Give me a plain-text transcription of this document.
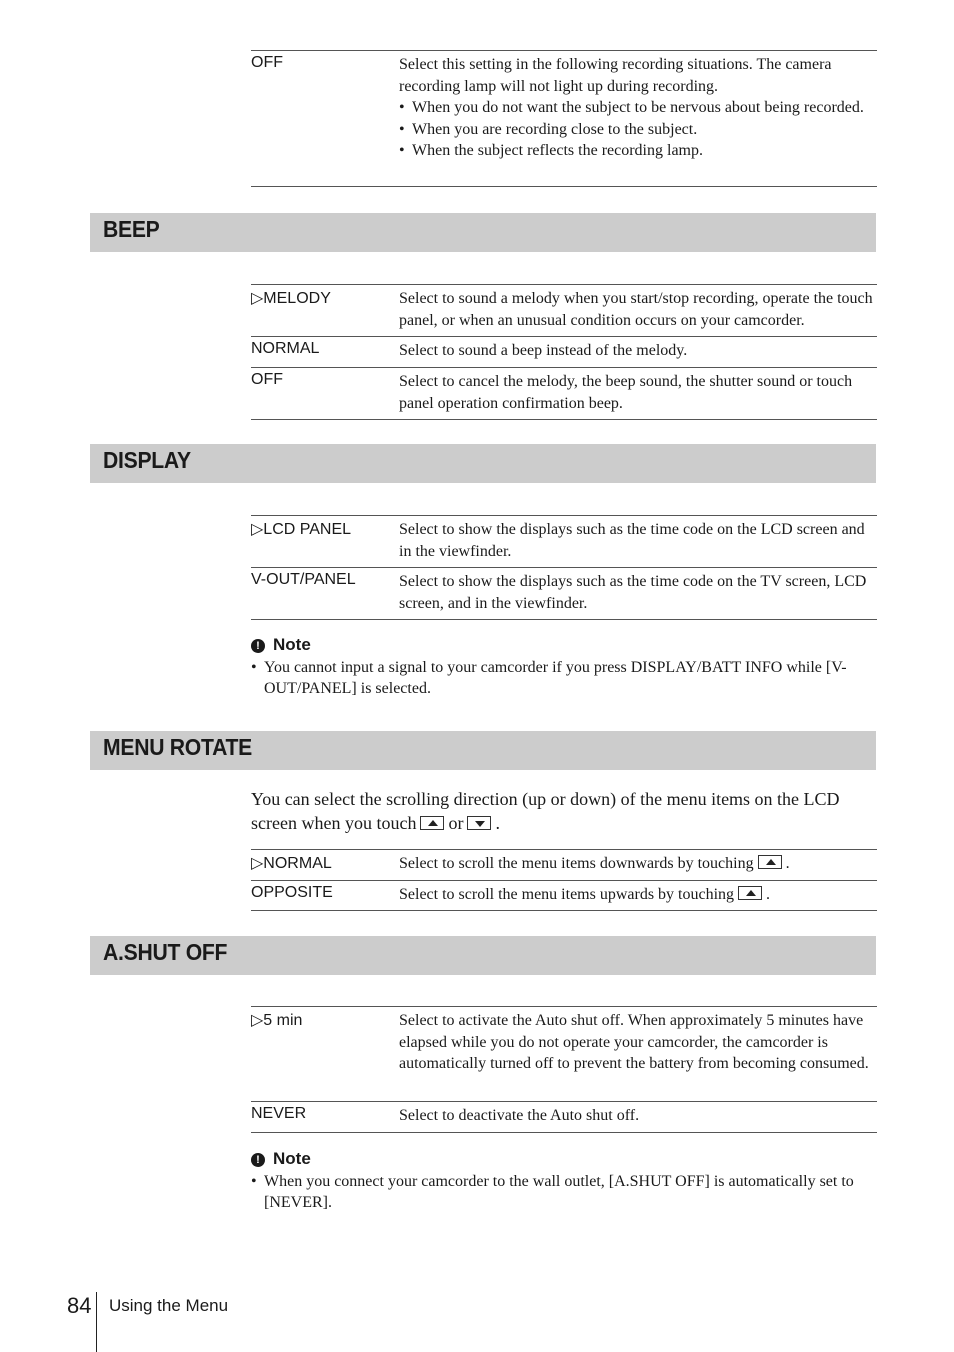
OFF	Select this setting in the following recording situations. The camera recording lamp will not light up during recording.
• When you do not want the subject to be nervous about being recorded.
• When you are recording close to the subject.
• When the subject reflects the recording lamp.
BEEP
▷MELODY	Select to sound a melody when you start/stop recording, operate the touch panel, or when an unusual condition occurs on your camcorder.
NORMAL	Select to sound a beep instead of the melody.
OFF	Select to cancel the melody, the beep sound, the shutter sound or touch panel operation confirmation beep.
DISPLAY
▷LCD PANEL	Select to show the displays such as the time code on the LCD screen and in the viewfinder.
V-OUT/PANEL	Select to show the displays such as the time code on the TV screen, LCD screen, and in the viewfinder.
! Note
• You cannot input a signal to your camcorder if you press DISPLAY/BATT INFO while [V-OUT/PANEL] is selected.
MENU ROTATE
You can select the scrolling direction (up or down) of the menu items on the LCD screen when you touch or .
▷NORMAL	Select to scroll the menu items downwards by touching .
OPPOSITE	Select to scroll the menu items upwards by touching .
A.SHUT OFF
▷5 min	Select to activate the Auto shut off. When approximately 5 minutes have elapsed while you do not operate your camcorder, the camcorder is automatically turned off to prevent the battery from becoming consumed.
NEVER	Select to deactivate the Auto shut off.
! Note
• When you connect your camcorder to the wall outlet, [A.SHUT OFF] is automatically set to [NEVER].
84 Using the Menu
